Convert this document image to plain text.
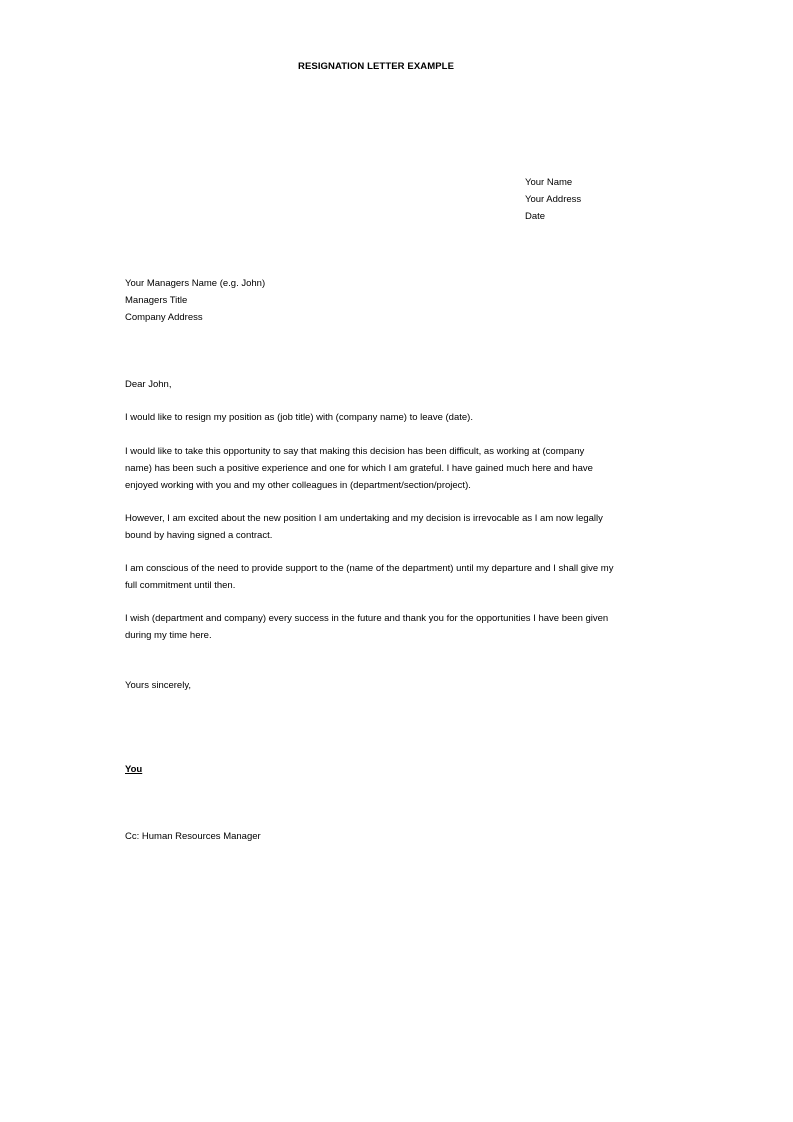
RESIGNATION LETTER EXAMPLE
Your Name
Your Address
Date
Your Managers Name (e.g. John)
Managers Title
Company Address
Dear John,
I would like to resign my position as (job title) with (company name) to leave (date).
I would like to take this opportunity to say that making this decision has been difficult, as working at (company
name) has been such a positive experience and one for which I am grateful. I have gained much here and have
enjoyed working with you and my other colleagues in (department/section/project).
However, I am excited about the new position I am undertaking and my decision is irrevocable as I am now legally
bound by having signed a contract.
I am conscious of the need to provide support to the (name of the department) until my departure and I shall give my
full commitment until then.
I wish (department and company) every success in the future and thank you for the opportunities I have been given
during my time here.
Yours sincerely,
You
Cc: Human Resources Manager
